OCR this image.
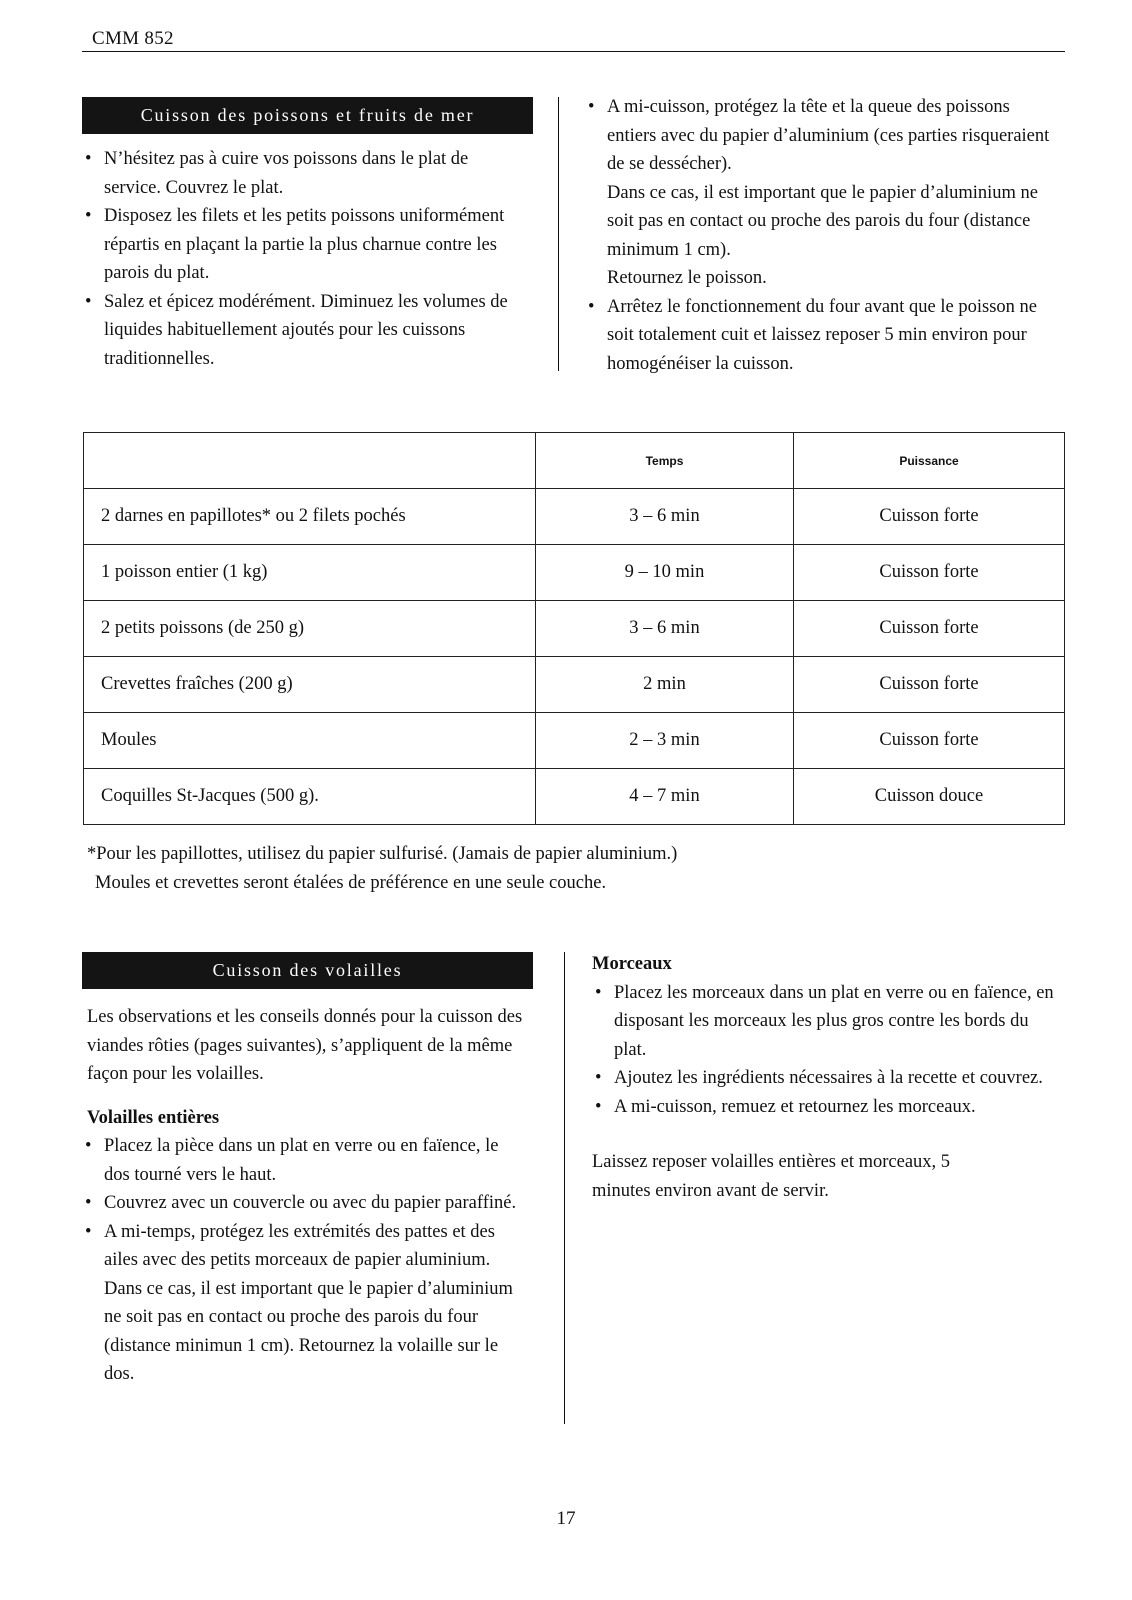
CMM 852
Cuisson des poissons et fruits de mer
• N’hésitez pas à cuire vos poissons dans le plat de service. Couvrez le plat.
• Disposez les filets et les petits poissons uniformément répartis en plaçant la partie la plus charnue contre les parois du plat.
• Salez et épicez modérément. Diminuez les volumes de liquides habituellement ajoutés pour les cuissons traditionnelles.
• A mi-cuisson, protégez la tête et la queue des poissons entiers avec du papier d’aluminium (ces parties risqueraient de se dessécher).
Dans ce cas, il est important que le papier d’aluminium ne soit pas en contact ou proche des parois du four (distance minimum 1 cm).
Retournez le poisson.
• Arrêtez le fonctionnement du four avant que le poisson ne soit totalement cuit et laissez reposer 5 min environ pour homogénéiser la cuisson.
	Temps	Puissance
2 darnes en papillotes* ou 2 filets pochés	3 – 6 min	Cuisson forte
1 poisson entier (1 kg)	9 – 10 min	Cuisson forte
2 petits poissons (de 250 g)	3 – 6 min	Cuisson forte
Crevettes fraîches (200 g)	2 min	Cuisson forte
Moules	2 – 3 min	Cuisson forte
Coquilles St-Jacques (500 g).	4 – 7 min	Cuisson douce
*Pour les papillottes, utilisez du papier sulfurisé. (Jamais de papier aluminium.)
Moules et crevettes seront étalées de préférence en une seule couche.
Cuisson des volailles

Les observations et les conseils donnés pour la cuisson des viandes rôties (pages suivantes), s’appliquent de la même façon pour les volailles.

Volailles entières

• Placez la pièce dans un plat en verre ou en faïence, le dos tourné vers le haut.
• Couvrez avec un couvercle ou avec du papier paraffiné.
• A mi-temps, protégez les extrémités des pattes et des ailes avec des petits morceaux de papier aluminium. Dans ce cas, il est important que le papier d’aluminium ne soit pas en contact ou proche des parois du four (distance minimun 1 cm). Retournez la volaille sur le dos.

Morceaux

• Placez les morceaux dans un plat en verre ou en faïence, en disposant les morceaux les plus gros contre les bords du plat.
• Ajoutez les ingrédients nécessaires à la recette et couvrez.
• A mi-cuisson, remuez et retournez les morceaux.

Laissez reposer volailles entières et morceaux, 5 minutes environ avant de servir.

17
